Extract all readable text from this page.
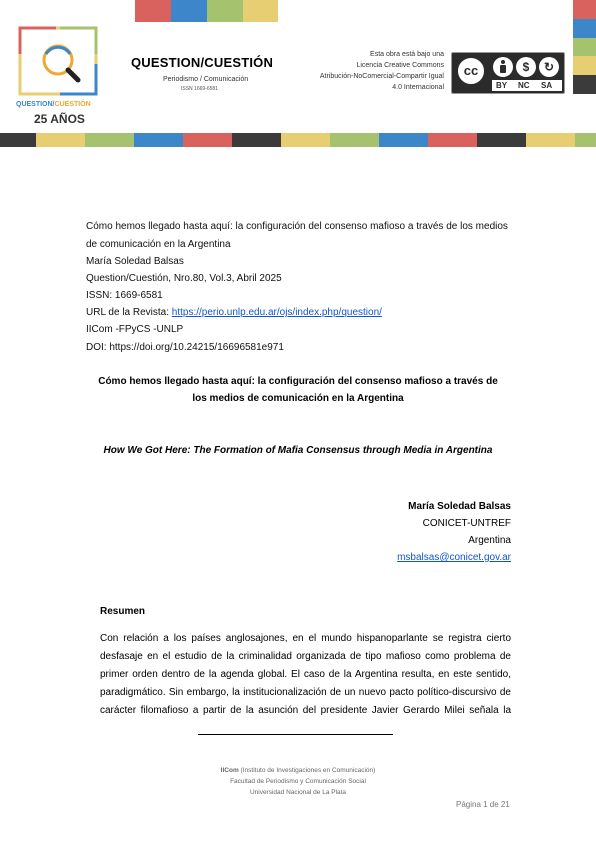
QUESTION/CUESTIÓN
25 AÑOS
QUESTION/CUESTIÓN
Periodismo / Comunicación
ISSN 1669-6581
Esta obra está bajo una
Licencia Creative Commons
Atribución-NoComercial-Compartir Igual
4.0 Internacional
cc	$	↻
BY NC SA
Cómo hemos llegado hasta aquí: la configuración del consenso mafioso a través de los medios
de comunicación en la Argentina
María Soledad Balsas
Question/Cuestión, Nro.80, Vol.3, Abril 2025
ISSN: 1669-6581
URL de la Revista: https://perio.unlp.edu.ar/ojs/index.php/question/
IICom -FPyCS -UNLP
DOI: https://doi.org/10.24215/16696581e971
Cómo hemos llegado hasta aquí: la configuración del consenso mafioso a través de
los medios de comunicación en la Argentina
How We Got Here: The Formation of Mafia Consensus through Media in Argentina
María Soledad Balsas
CONICET-UNTREF
Argentina
msbalsas@conicet.gov.ar
Resumen
Con relación a los países anglosajones, en el mundo hispanoparlante se registra cierto
desfasaje en el estudio de la criminalidad organizada de tipo mafioso como problema de
primer orden dentro de la agenda global. El caso de la Argentina resulta, en este sentido,
paradigmático. Sin embargo, la institucionalización de un nuevo pacto político-discursivo de
carácter filomafioso a partir de la asunción del presidente Javier Gerardo Milei señala la
IICom (Instituto de Investigaciones en Comunicación)
Facultad de Periodismo y Comunicación Social
Universidad Nacional de La Plata
Página 1 de 21
